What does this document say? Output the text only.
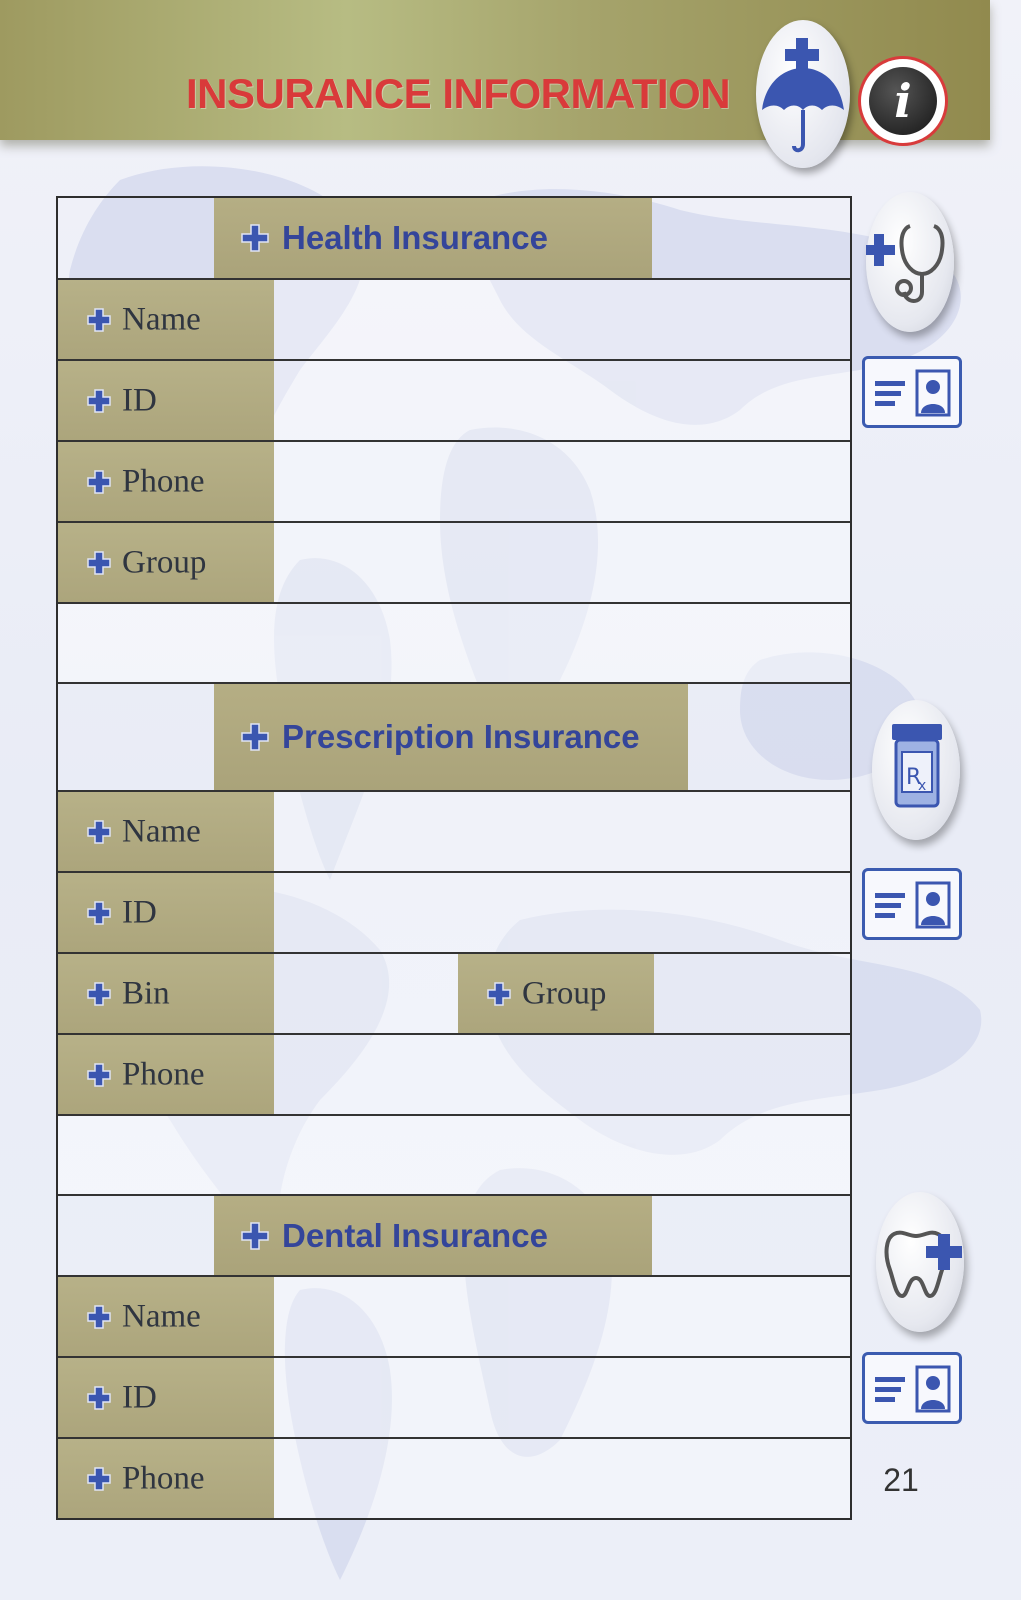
INSURANCE INFORMATION	i
Health Insurance
Name
ID
Phone
Group
Prescription Insurance
Name
ID
Bin	Group
Phone
Dental Insurance
Name
ID
Phone
R
x
21
